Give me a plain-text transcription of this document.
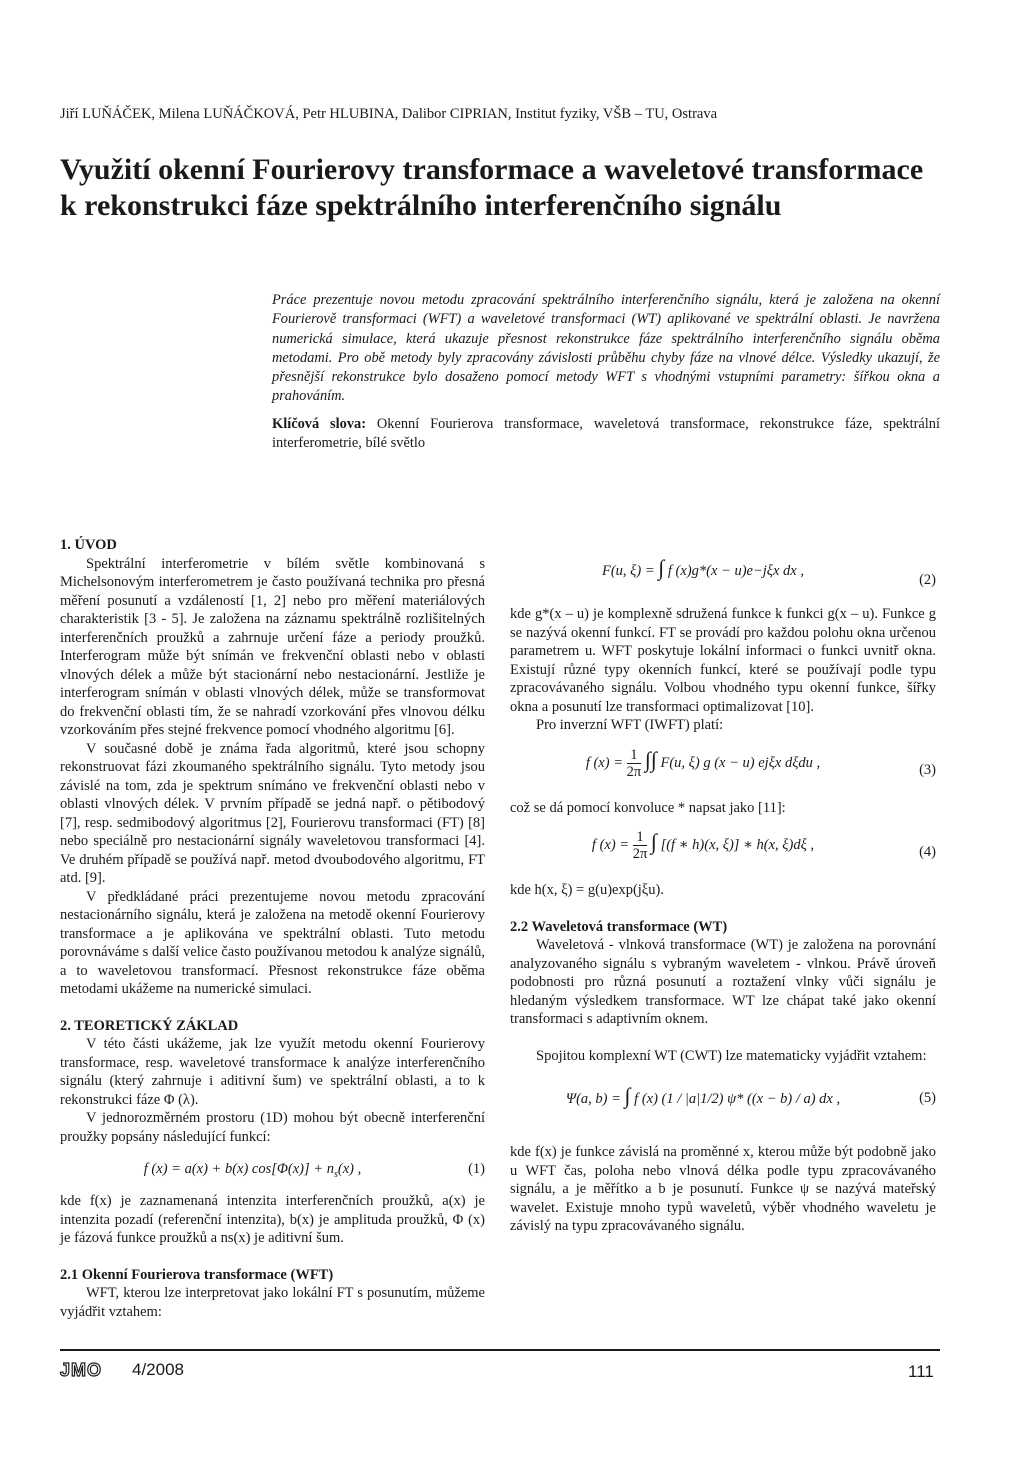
Jiří LUŇÁČEK, Milena LUŇÁČKOVÁ, Petr HLUBINA, Dalibor CIPRIAN, Institut fyziky, VŠB – TU, Ostrava
Využití okenní Fourierovy transformace a waveletové transformace
k rekonstrukci fáze spektrálního interferenčního signálu

Práce prezentuje novou metodu zpracování spektrálního interferenčního signálu, která je založena na okenní Fourierově transformaci (WFT) a waveletové transformaci (WT) aplikované ve spektrální oblasti. Je navržena numerická simulace, která ukazuje přesnost rekonstrukce fáze spektrálního interferenčního signálu oběma metodami. Pro obě metody byly zpracovány závislosti průběhu chyby fáze na vlnové délce. Výsledky ukazují, že přesnější rekonstrukce bylo dosaženo pomocí metody WFT s vhodnými vstupními parametry: šířkou okna a prahováním.

Klíčová slova: Okenní Fourierova transformace, waveletová transformace, rekonstrukce fáze, spektrální interferometrie, bílé světlo

1. ÚVOD

Spektrální interferometrie v bílém světle kombinovaná s Michelsonovým interferometrem je často používaná technika pro přesná měření posunutí a vzdáleností [1, 2] nebo pro měření materiálových charakteristik [3 - 5]. Je založena na záznamu spektrálně rozlišitelných interferenčních proužků a zahrnuje určení fáze a periody proužků. Interferogram může být snímán ve frekvenční oblasti nebo v oblasti vlnových délek a může být stacionární nebo nestacionární. Jestliže je interferogram snímán v oblasti vlnových délek, může se transformovat do frekvenční oblasti tím, že se nahradí vzorkování přes vlnovou délku vzorkováním přes stejné frekvence pomocí vhodného algoritmu [6].

V současné době je známa řada algoritmů, které jsou schopny rekonstruovat fázi zkoumaného spektrálního signálu. Tyto metody jsou závislé na tom, zda je spektrum snímáno ve frekvenční oblasti nebo v oblasti vlnových délek. V prvním případě se jedná např. o pětibodový [7], resp. sedmibodový algoritmus [2], Fourierovu transformaci (FT) [8] nebo speciálně pro nestacionární signály waveletovou transformaci [4]. Ve druhém případě se používá např. metod dvoubodového algoritmu, FT atd. [9].

V předkládané práci prezentujeme novou metodu zpracování nestacionárního signálu, která je založena na metodě okenní Fourierovy transformace a je aplikována ve spektrální oblasti. Tuto metodu porovnáváme s další velice často používanou metodou k analýze signálů, a to waveletovou transformací. Přesnost rekonstrukce fáze oběma metodami ukážeme na numerické simulaci.

2. TEORETICKÝ ZÁKLAD

V této části ukážeme, jak lze využít metodu okenní Fourierovy transformace, resp. waveletové transformace k analýze interferenčního signálu (který zahrnuje i aditivní šum) ve spektrální oblasti, a to k rekonstrukci fáze Φ (λ).

V jednorozměrném prostoru (1D) mohou být obecně interferenční proužky popsány následující funkcí:

f (x) = a(x) + b(x) $\cos[\Phi(x)] + n_s(x)$ ,	(1)

kde f(x) je zaznamenaná intenzita interferenčních proužků, a(x) je intenzita pozadí (referenční intenzita), b(x) je amplituda proužků, Φ (x) je fázová funkce proužků a ns(x) je aditivní šum.

2.1 Okenní Fourierova transformace (WFT)

WFT, kterou lze interpretovat jako lokální FT s posunutím, můžeme vyjádřit vztahem:

F(u, ξ) = ∫ f (x)g*(x − u)e−jξx dx ,
(2)

kde g*(x – u) je komplexně sdružená funkce k funkci g(x – u). Funkce g se nazývá okenní funkcí. FT se provádí pro každou polohu okna určenou parametrem u. WFT poskytuje lokální informaci o funkci uvnitř okna. Existují různé typy okenních funkcí, které se používají podle typu zpracovávaného signálu. Volbou vhodného typu okenní funkce, šířky okna a posunutí lze transformaci optimalizovat [10].

Pro inverzní WFT (IWFT) platí:

f $(x) = \frac{1}{2\pi}$ ∫∫ F(u, ξ) g (x − u) ejξx dξdu ,	(3)

což se dá pomocí konvoluce * napsat jako [11]:

f $(x) = \frac{1}{2\pi}$ ∫ [(f ∗ h)(x, ξ)] ∗ h(x, ξ)dξ ,	(4)

kde h(x, ξ) = g(u)exp(jξu).

2.2 Waveletová transformace (WT)

Waveletová - vlnková transformace (WT) je založena na porovnání analyzovaného signálu s vybraným waveletem - vlnkou. Právě úroveň podobnosti pro různá posunutí a roztažení vlnky vůči signálu je hledaným výsledkem transformace. WT lze chápat také jako okenní transformaci s adaptivním oknem.

Spojitou komplexní WT (CWT) lze matematicky vyjádřit vztahem:

Ψ(a, b) = ∫ f (x) (1 / |a|1/2) ψ* ((x − b) / a) dx ,	(5)

kde f(x) je funkce závislá na proměnné x, kterou může být podobně jako u WFT čas, poloha nebo vlnová délka podle typu zpracovávaného signálu, a je měřítko a b je posunutí. Funkce ψ se nazývá mateřský wavelet. Existuje mnoho typů waveletů, výběr vhodného waveletu je závislý na typu zpracovávaného signálu.

JMO 4/2008	111
